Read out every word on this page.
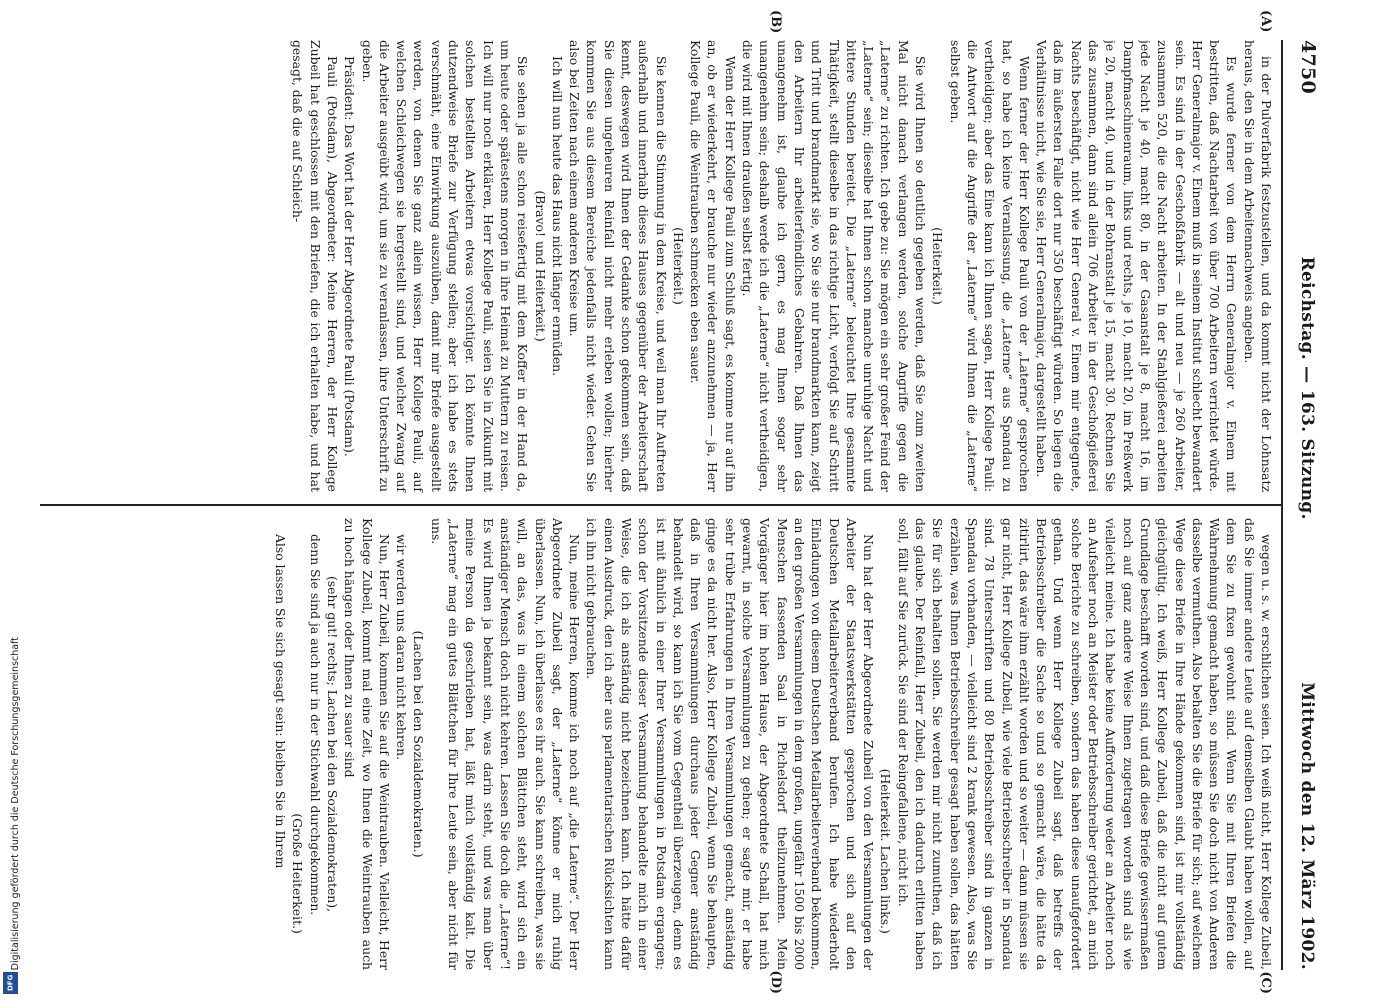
4750
Reichstag. — 163. Sitzung.
Mittwoch den 12. März 1902.
(A)
(B)
(C)
(D)

in der Pulverfabrik festzustellen, und da kommt nicht der Lohnsatz heraus, den Sie in dem Arbeitennachweis angeben.

Es wurde ferner von dem Herrn Generalmajor v. Einem mit bestritten, daß Nachtarbeit von über 700 Arbeitern verrichtet würde. Herr Generalmajor v. Einem muß in seinem Institut schlecht bewandert sein. Es sind in der Geschoßfabrik — alt und neu — je 260 Arbeiter, zusammen 520, die die Nacht arbeiten. In der Stahlgießerei arbeiten jede Nacht je 40, macht 80, in der Gasanstalt je 8, macht 16, im Dampfmaschinenraum, links und rechts, je 10, macht 20, im Preßwerk je 20, macht 40, und in der Bohranstalt je 15, macht 30. Rechnen Sie das zusammen, dann sind allein 706 Arbeiter in der Geschoßgießerei Nachts beschäftigt, nicht wie Herr General v. Einem mir entgegnete, daß im äußersten Falle dort nur 350 beschäftigt würden. So liegen die Verhältnisse nicht, wie Sie sie, Herr Generalmajor, dargestellt haben.

Wenn ferner der Herr Kollege Pauli von der „Laterne“ gesprochen hat, so habe ich keine Veranlassung, die „Laterne“ aus Spandau zu vertheidigen; aber das Eine kann ich Ihnen sagen, Herr Kollege Pauli: die Antwort auf die Angriffe der „Laterne“ wird Ihnen die „Laterne“ selbst geben.

(Heiterkeit.)

Sie wird Ihnen so deutlich gegeben werden, daß Sie zum zweiten Mal nicht danach verlangen werden, solche Angriffe gegen die „Laterne“ zu richten. Ich gebe zu: Sie mögen ein sehr großer Feind der „Laterne“ sein; dieselbe hat Ihnen schon manche unruhige Nacht und bittere Stunden bereitet. Die „Laterne“ beleuchtet Ihre gesammte Thätigkeit, stellt dieselbe in das richtige Licht, verfolgt Sie auf Schritt und Tritt und brandmarkt sie, wo Sie sie nur brandmarkten kann, zeigt den Arbeitern Ihr arbeiterfeindliches Gebahren. Daß Ihnen das unangenehm ist, glaube ich gern, es mag Ihnen sogar sehr unangenehm sein; deshalb werde ich die „Laterne“ nicht vertheidigen, die wird mit Ihnen draußen selbst fertig.

Wenn der Herr Kollege Pauli zum Schluß sagt, es komme nur auf ihn an, ob er wiederkehrt, er brauche nur wieder anzunehmen — ja, Herr Kollege Pauli, die Weintrauben schmecken eben sauer.

(Heiterkeit.)

Sie kennen die Stimmung in dem Kreise, und weil man Ihr Auftreten außerhalb und innerhalb dieses Hauses gegenüber der Arbeiterschaft kennt, deswegen wird Ihnen der Gedanke schon gekommen sein, daß Sie diesen ungeheuren Reinfall nicht mehr erleben wollen; hierher kommen Sie aus diesem Bereiche jedenfalls nicht wieder. Gehen Sie also bei Zeiten nach einem anderen Kreise um.

Ich will nun heute das Haus nicht länger ermüden.

(Bravo! und Heiterkeit.)

Sie sehen ja alle schon reisefertig mit dem Koffer in der Hand da, um heute oder spätestens morgen in ihre Heimat zu Muttern zu reisen. Ich will nur noch erklären, Herr Kollege Pauli, seien Sie in Zukunft mit solchen bestellten Arbeitern etwas vorsichtiger. Ich könnte Ihnen dutzendweise Briefe zur Verfügung stellen; aber ich habe es stets verschmäht, eine Einwirkung auszuüben, damit mir Briefe ausgestellt werden, von denen Sie ganz allein wissen, Herr Kollege Pauli, auf welchen Schleichwegen sie hergestellt sind, und welcher Zwang auf die Arbeiter ausgeübt wird, um sie zu veranlassen, ihre Unterschrift zu geben.

Präsident: Das Wort hat der Herr Abgeordnete Pauli (Potsdam).

Pauli (Potsdam), Abgeordneter: Meine Herren, der Herr Kollege Zubeil hat geschlossen mit den Briefen, die ich erhalten habe, und hat gesagt, daß die auf Schleich-

wegen u. s. w. erschlichen seien. Ich weiß nicht, Herr Kollege Zubeil, daß Sie immer andere Leute auf demselben Glaubt haben wollen, auf dem Sie zu fixen gewohnt sind. Wenn Sie mit Ihren Briefen die Wahrnehmung gemacht haben, so müssen Sie doch nicht von Anderen dasselbe vermuthen. Also behalten Sie die Briefe für sich; auf welchem Wege diese Briefe in Ihre Hände gekommen sind, ist mir vollständig gleichgültig. Ich weiß, Herr Kollege Zubeil, daß die nicht auf gutem Grundlage beschafft worden sind, und daß diese Briefe gewissermaßen noch auf ganz andere Weise Ihnen zugetragen worden sind als wie vielleicht meine. Ich habe keine Aufforderung weder an Arbeiter noch an Aufseher noch an Meister oder Betriebsschreiber gerichtet, an mich solche Berichte zu schreiben, sondern das haben diese unaufgefordert gethan. Und wenn Herr Kollege Zubeil sagt, daß betreffs der Betriebsschreiber die Sache so und so gemacht wäre, die hätte da zitirlirt, das wäre ihm erzählt worden und so weiter — dann müssen sie gar nicht, Herr Kollege Zubeil, wie viele Betriebsschreiber in Spandau sind. 78 Unterschriften und 80 Betriebsschreiber sind in ganzen in Spandau vorhanden, — vielleicht sind 2 krank gewesen. Also, was Sie erzählen, was Ihnen Betriebsschreiber gesagt haben sollen, das hätten Sie für sich behalten sollen. Sie werden mir nicht zumuthen, daß ich das glaube. Der Reinfall, Herr Zubeil, den ich dadurch erlitten haben soll, fällt auf Sie zurück. Sie sind der Reingefallene, nicht ich.

(Heiterkeit. Lachen links.)

Nun hat der Herr Abgeordnete Zubeil von den Versammlungen der Arbeiter der Staatswerkstätten gesprochen und sich auf den Deutschen Metallarbeiterverband berufen. Ich habe wiederholt Einladungen von diesem Deutschen Metallarbeiterverband bekommen, an den großen Versammlungen in dem großen, ungefähr 1500 bis 2000 Menschen fassenden Saal in Pichelsdorf theilzunehmen. Mein Vorgänger hier im hohen Hause, der Abgeordnete Schall, hat mich gewarnt, in solche Versammlungen zu gehen; er sagte mir, er habe sehr trübe Erfahrungen in Ihren Versammlungen gemacht, anständig ginge es da nicht her. Also, Herr Kollege Zubeil, wenn Sie behaupten, daß in Ihren Versammlungen durchaus jeder Gegner anständig behandelt wird, so kann ich Sie vom Gegentheil überzeugen, denn es ist mit ähnlich in einer Ihrer Versammlungen in Potsdam ergangen; schon der Vorsitzende dieser Versammlung behandelte mich in einer Weise, die ich als anständig nicht bezeichnen kann. Ich hätte dafür einen Ausdruck, den ich aber aus parlamentarischen Rücksichten kann ich ihn nicht gebrauchen.

Nun, meine Herren, komme ich noch auf „die Laterne“. Der Herr Abgeordnete Zubeil sagt, der „Laterne“ könne er mich ruhig überlassen. Nun, ich überlasse es ihr auch. Sie kann schreiben, was sie will, an das, was in einem solchen Blättchen steht, wird sich ein anständiger Mensch doch nicht kehren. Lassen Sie doch die „Laterne“! Es wird Ihnen ja bekannt sein, was darin steht, und was man über meine Person da geschrieben hat, läßt mich vollständig kalt. Die „Laterne“ mag ein gutes Blättchen für Ihre Leute sein, aber nicht für uns.

(Lachen bei den Sozialdemokraten.)

wir werden uns daran nicht kehren.

Nun, Herr Zubeil, kommen Sie auf die Weintrauben. Vielleicht, Herr Kollege Zubeil, kommt mal eine Zeit, wo Ihnen die Weintrauben auch zu hoch hängen oder Ihnen zu sauer sind

(sehr gut! rechts; Lachen bei den Sozialdemokraten),

denn Sie sind ja auch nur in der Stichwahl durchgekommen.

(Große Heiterkeit.)

Also lassen Sie sich gesagt sein: bleiben Sie in Ihrem

Digitalisierung gefördert durch die Deutsche Forschungsgemeinschaft
DFG
